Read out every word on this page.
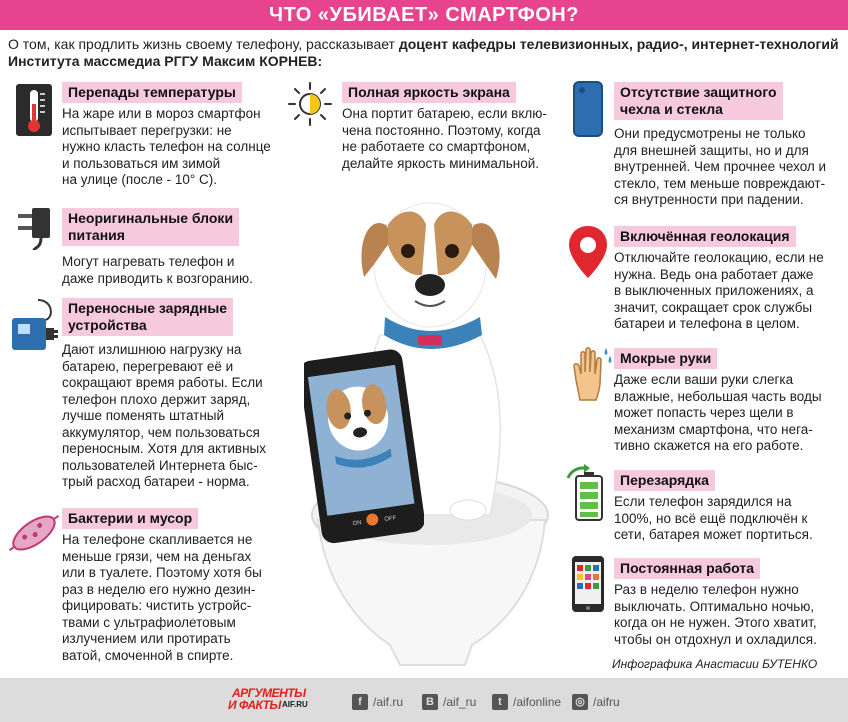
ЧТО «УБИВАЕТ» СМАРТФОН?
О том, как продлить жизнь своему телефону, рассказывает доцент кафедры телевизионных, радио-, интернет-технологий Института массмедиа РГГУ Максим КОРНЕВ:
ON
OFF
Перепады температуры
На жаре или в мороз смартфон
испытывает перегрузки: не
нужно класть телефон на солнце
и пользоваться им зимой
на улице (после - 10° С).
Неоригинальные блоки
питания
Могут нагревать телефон и
даже приводить к возгоранию.
Переносные зарядные
устройства
Дают излишнюю нагрузку на
батарею, перегревают её и
сокращают время работы. Если
телефон плохо держит заряд,
лучше поменять штатный
аккумулятор, чем пользоваться
переносным. Хотя для активных
пользователей Интернета быс-
трый расход батареи - норма.
Бактерии и мусор
На телефоне скапливается не
меньше грязи, чем на деньгах
или в туалете. Поэтому хотя бы
раз в неделю его нужно дезин-
фицировать: чистить устройс-
твами с ультрафиолетовым
излучением или протирать
ватой, смоченной в спирте.
Полная яркость экрана
Она портит батарею, если вклю-
чена постоянно. Поэтому, когда
не работаете со смартфоном,
делайте яркость минимальной.
Отсутствие защитного
чехла и стекла
Они предусмотрены не только
для внешней защиты, но и для
внутренней. Чем прочнее чехол и
стекло, тем меньше повреждают-
ся внутренности при падении.
Включённая геолокация
Отключайте геолокацию, если не
нужна. Ведь она работает даже
в выключенных приложениях, а
значит, сокращает срок службы
батареи и телефона в целом.
Мокрые руки
Даже если ваши руки слегка
влажные, небольшая часть воды
может попасть через щели в
механизм смартфона, что нега-
тивно скажется на его работе.
Перезарядка
Если телефон зарядился на
100%, но всё ещё подключён к
сети, батарея может портиться.
Постоянная работа
Раз в неделю телефон нужно
выключать. Оптимально ночью,
когда он не нужен. Этого хватит,
чтобы он отдохнул и охладился.
Инфографика Анастасии БУТЕНКО
АРГУМЕНТЫ
И ФАКТЫ AIF.RU	f /aif.ru	B /aif_ru	t /aifonline ◎ /aifru
